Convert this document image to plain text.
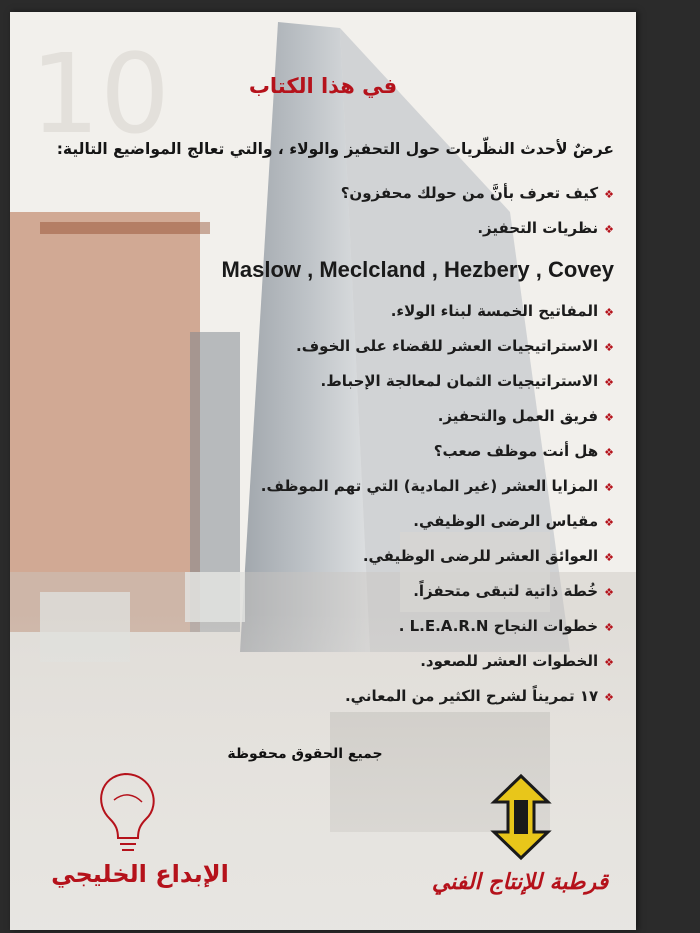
10	في هذا الكتاب
عرضٌ لأحدث النظّريات حول التحفيز والولاء ، والتي تعالج المواضيع التالية:
❖كيف تعرف بأنَّ من حولك محفزون؟
❖نظريات التحفيز.
Maslow , Meclcland , Hezbery , Covey
❖المفاتيح الخمسة لبناء الولاء.
❖الاستراتيجيات العشر للقضاء على الخوف.
❖الاستراتيجيات الثمان لمعالجة الإحباط.
❖فريق العمل والتحفيز.
❖هل أنت موظف صعب؟
❖المزايا العشر (غير المادية) التي تهم الموظف.
❖مقياس الرضى الوظيفي.
❖العوائق العشر للرضى الوظيفي.
❖خُطة ذاتية لتبقى متحفزاً.
❖خطوات النجاح L.E.A.R.N .
❖الخطوات العشر للصعود.
❖١٧ تمريناً لشرح الكثير من المعاني.
جميع الحقوق محفوظة
الإبداع الخليجي	قرطبة للإنتاج الفني
